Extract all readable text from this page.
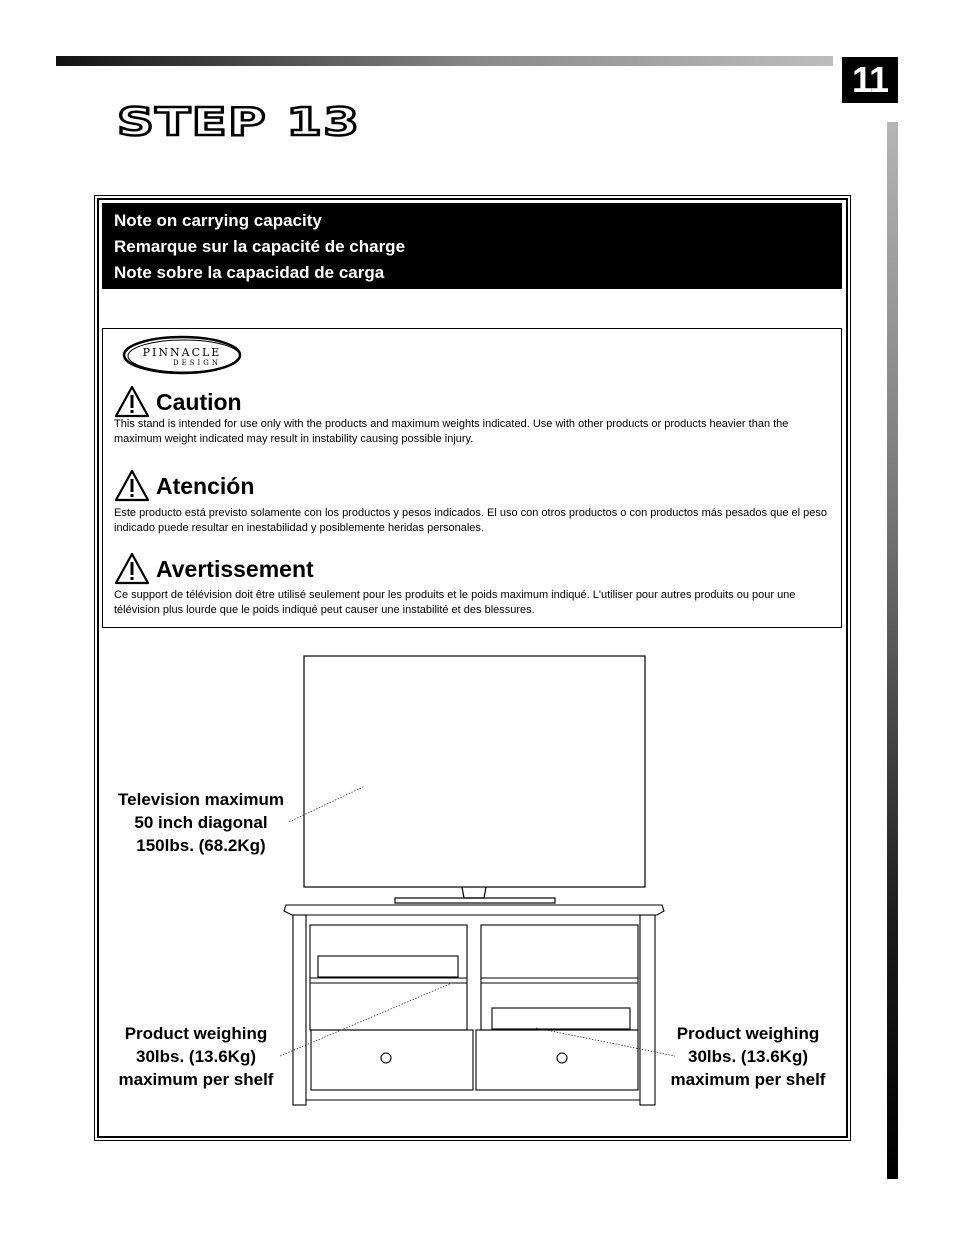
11
STEP 13
Note on carrying capacity
Remarque sur la capacité de charge
Note sobre la capacidad de carga
PINNACLE
DESIGN
Caution
This stand is intended for use only with the products and maximum weights indicated. Use with other products or products heavier than the maximum weight indicated may result in instability causing possible injury.
Atención
Este producto está previsto solamente con los productos y pesos indicados. El uso con otros productos o con productos más pesados que el peso indicado puede resultar en inestabilidad y posiblemente heridas personales.
Avertissement
Ce support de télévision doit être utilisé seulement pour les produits et le poids maximum indiqué. L'utiliser pour autres produits ou pour une télévision plus lourde que le poids indiqué peut causer une instabilité et des blessures.
Television maximum
50 inch diagonal
150lbs. (68.2Kg)
Product weighing
30lbs. (13.6Kg)
maximum per shelf
Product weighing
30lbs. (13.6Kg)
maximum per shelf
